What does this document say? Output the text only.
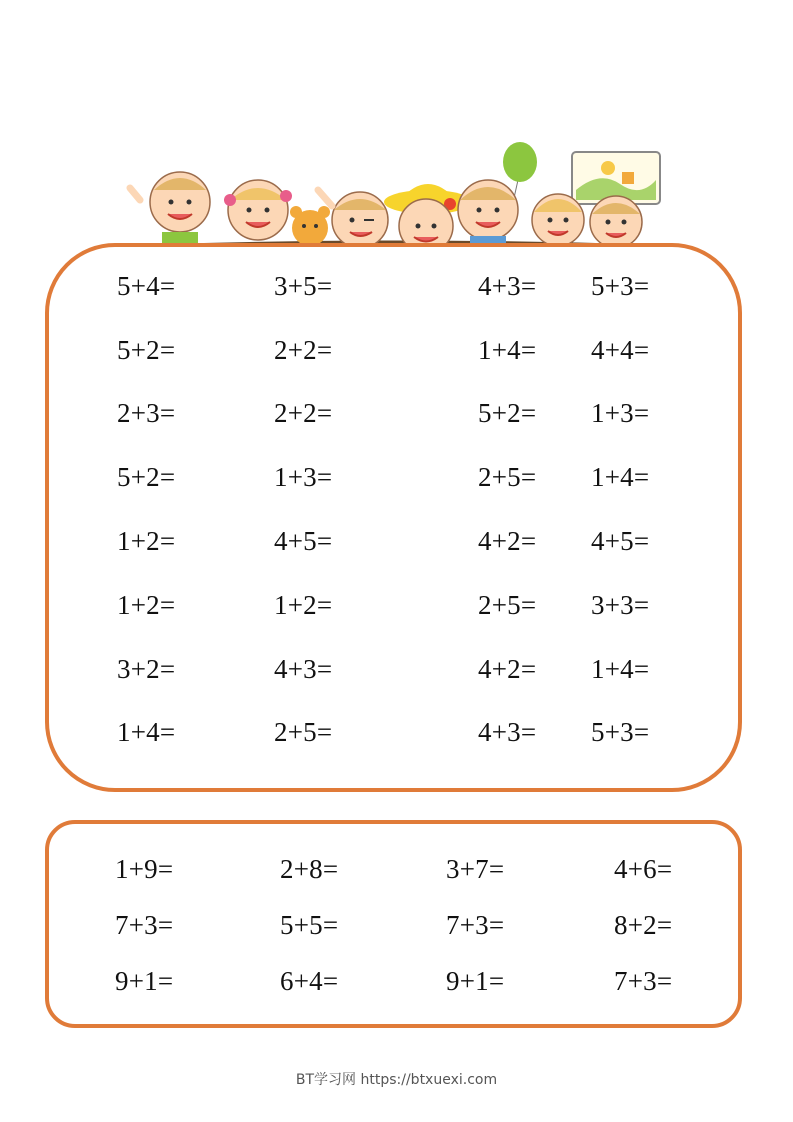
5+4=	3+5=	4+3= 5+3=
5+2=	2+2=	1+4= 4+4=
2+3=	2+2=	5+2= 1+3=
5+2=	1+3=	2+5= 1+4=
1+2=	4+5=	4+2= 4+5=
1+2=	1+2=	2+5= 3+3=
3+2=	4+3=	4+2= 1+4=
1+4=	2+5=	4+3= 5+3=
1+9=	2+8=	3+7=	4+6=
7+3=	5+5=	7+3=	8+2=
9+1=	6+4=	9+1=	7+3=
BT学习网 https://btxuexi.com
